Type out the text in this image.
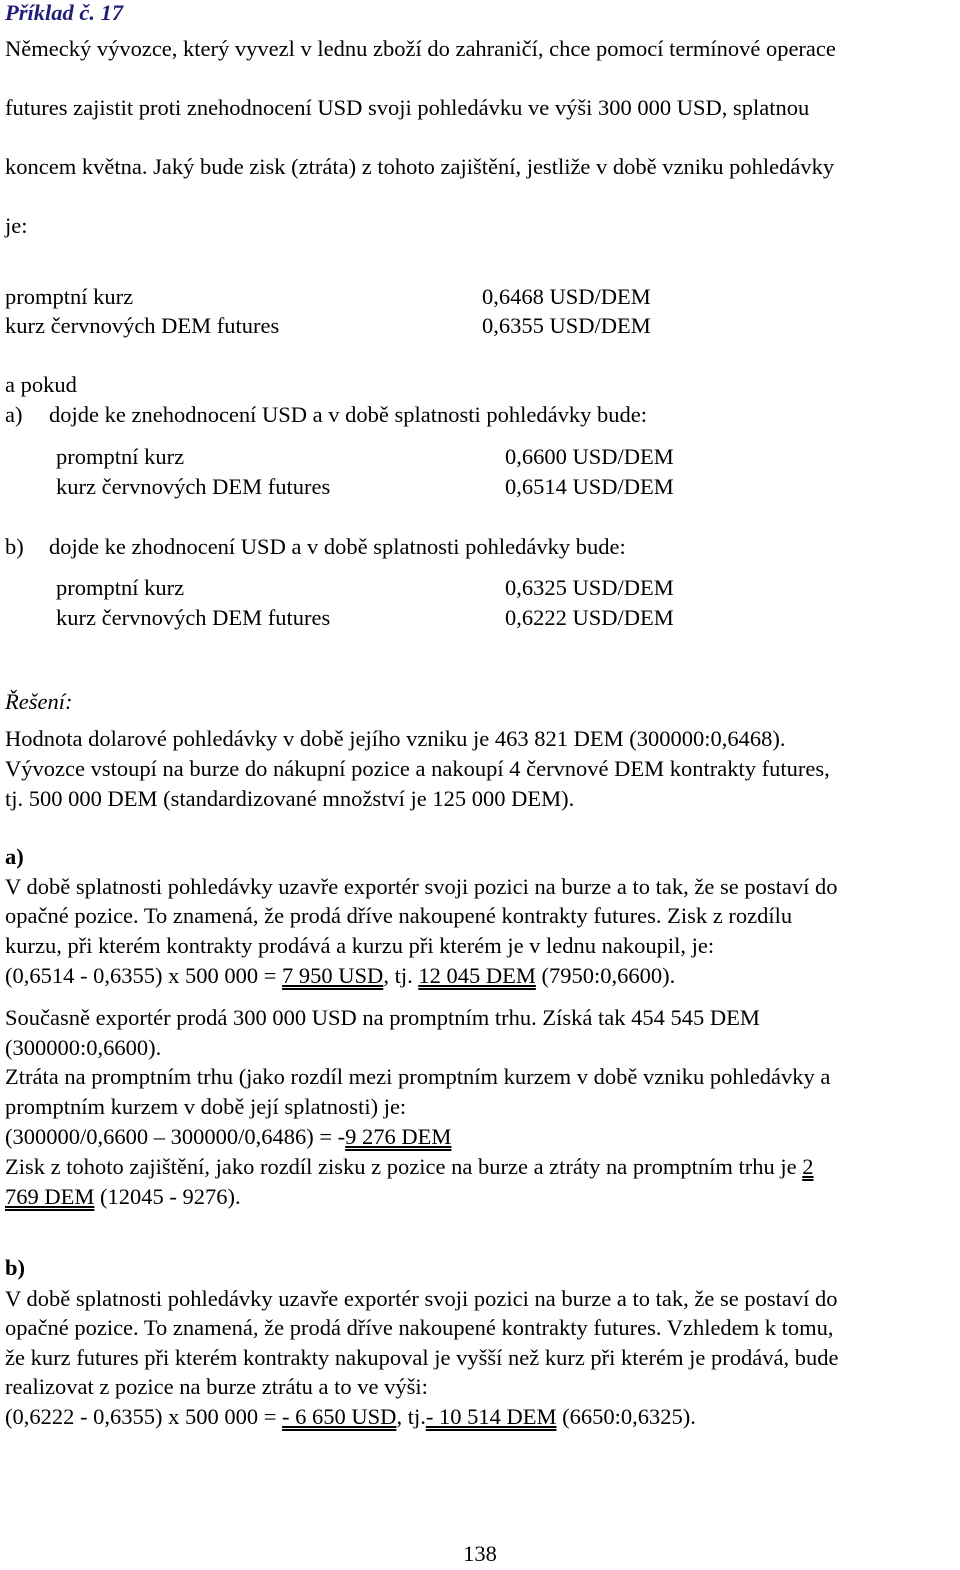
Příklad č. 17
Německý vývozce, který vyvezl v lednu zboží do zahraničí, chce pomocí termínové operace
futures zajistit proti znehodnocení USD svoji pohledávku ve výši 300 000 USD, splatnou
koncem května. Jaký bude zisk (ztráta) z tohoto zajištění, jestliže v době vzniku pohledávky
je:
promptní kurz	0,6468 USD/DEM
kurz červnových DEM futures	0,6355 USD/DEM
a pokud
a) dojde ke znehodnocení USD a v době splatnosti pohledávky bude:
promptní kurz	0,6600 USD/DEM
kurz červnových DEM futures	0,6514 USD/DEM
b) dojde ke zhodnocení USD a v době splatnosti pohledávky bude:
promptní kurz	0,6325 USD/DEM
kurz červnových DEM futures	0,6222 USD/DEM
Řešení:
Hodnota dolarové pohledávky v době jejího vzniku je 463 821 DEM (300000:0,6468).
Vývozce vstoupí na burze do nákupní pozice a nakoupí 4 červnové DEM kontrakty futures,
tj. 500 000 DEM (standardizované množství je 125 000 DEM).
a)
V době splatnosti pohledávky uzavře exportér svoji pozici na burze a to tak, že se postaví do
opačné pozice. To znamená, že prodá dříve nakoupené kontrakty futures. Zisk z rozdílu
kurzu, při kterém kontrakty prodává a kurzu při kterém je v lednu nakoupil, je:
(0,6514 - 0,6355) x 500 000 = 7 950 USD, tj. 12 045 DEM (7950:0,6600).
Současně exportér prodá 300 000 USD na promptním trhu. Získá tak 454 545 DEM
(300000:0,6600).
Ztráta na promptním trhu (jako rozdíl mezi promptním kurzem v době vzniku pohledávky a
promptním kurzem v době její splatnosti) je:
(300000/0,6600 – 300000/0,6486) = -9 276 DEM
Zisk z tohoto zajištění, jako rozdíl zisku z pozice na burze a ztráty na promptním trhu je 2
769 DEM (12045 - 9276).
b)
V době splatnosti pohledávky uzavře exportér svoji pozici na burze a to tak, že se postaví do
opačné pozice. To znamená, že prodá dříve nakoupené kontrakty futures. Vzhledem k tomu,
že kurz futures při kterém kontrakty nakupoval je vyšší než kurz při kterém je prodává, bude
realizovat z pozice na burze ztrátu a to ve výši:
(0,6222 - 0,6355) x 500 000 = - 6 650 USD, tj.- 10 514 DEM (6650:0,6325).
138
